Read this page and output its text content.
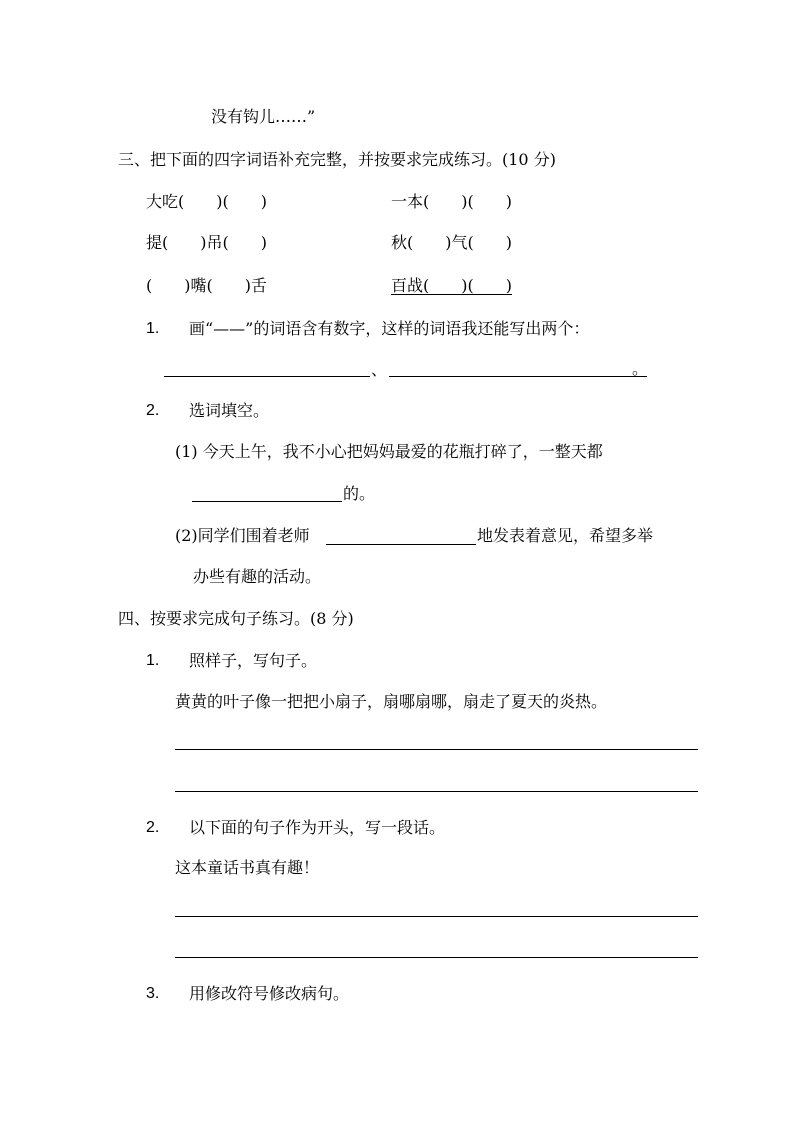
没有钩儿……”
三、把下面的四字词语补充完整，并按要求完成练习。(10 分)
大吃(　　)(　　)	一本(　　)(　　)
提(　　)吊(　　)	秋(　　)气(　　)
(　　)嘴(　　)舌	百战(　　)(　　)
1. 画“——”的词语含有数字，这样的词语我还能写出两个：
、	。
2. 选词填空。
(1) 今天上午，我不小心把妈妈最爱的花瓶打碎了，一整天都
的。
(2)同学们围着老师	地发表着意见，希望多举
办些有趣的活动。
四、按要求完成句子练习。(8 分)
1. 照样子，写句子。
黄黄的叶子像一把把小扇子，扇哪扇哪，扇走了夏天的炎热。
2. 以下面的句子作为开头，写一段话。
这本童话书真有趣！
3. 用修改符号修改病句。
